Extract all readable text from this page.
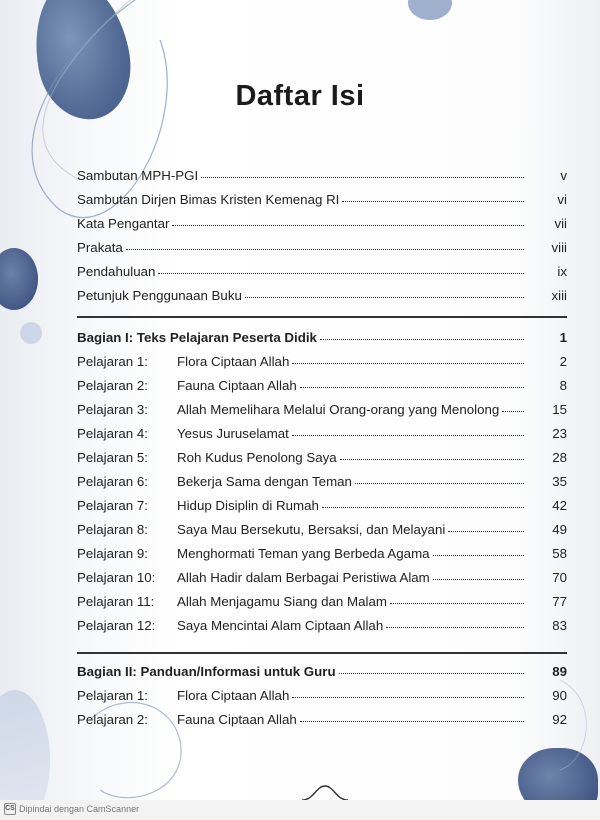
Daftar Isi
Sambutan MPH-PGI	v
Sambutan Dirjen Bimas Kristen Kemenag RI	vi
Kata Pengantar	vii
Prakata	viii
Pendahuluan	ix
Petunjuk Penggunaan Buku	xiii
Bagian I: Teks Pelajaran Peserta Didik	1
Pelajaran 1:	Flora Ciptaan Allah	2
Pelajaran 2:	Fauna Ciptaan Allah	8
Pelajaran 3:	Allah Memelihara Melalui Orang-orang yang Menolong	15
Pelajaran 4:	Yesus Juruselamat	23
Pelajaran 5:	Roh Kudus Penolong Saya	28
Pelajaran 6:	Bekerja Sama dengan Teman	35
Pelajaran 7:	Hidup Disiplin di Rumah	42
Pelajaran 8:	Saya Mau Bersekutu, Bersaksi, dan Melayani	49
Pelajaran 9:	Menghormati Teman yang Berbeda Agama	58
Pelajaran 10:	Allah Hadir dalam Berbagai Peristiwa Alam	70
Pelajaran 11:	Allah Menjagamu Siang dan Malam	77
Pelajaran 12:	Saya Mencintai Alam Ciptaan Allah	83
Bagian II: Panduan/Informasi untuk Guru	89
Pelajaran 1:	Flora Ciptaan Allah	90
Pelajaran 2:	Fauna Ciptaan Allah	92
CS Dipindai dengan CamScanner
